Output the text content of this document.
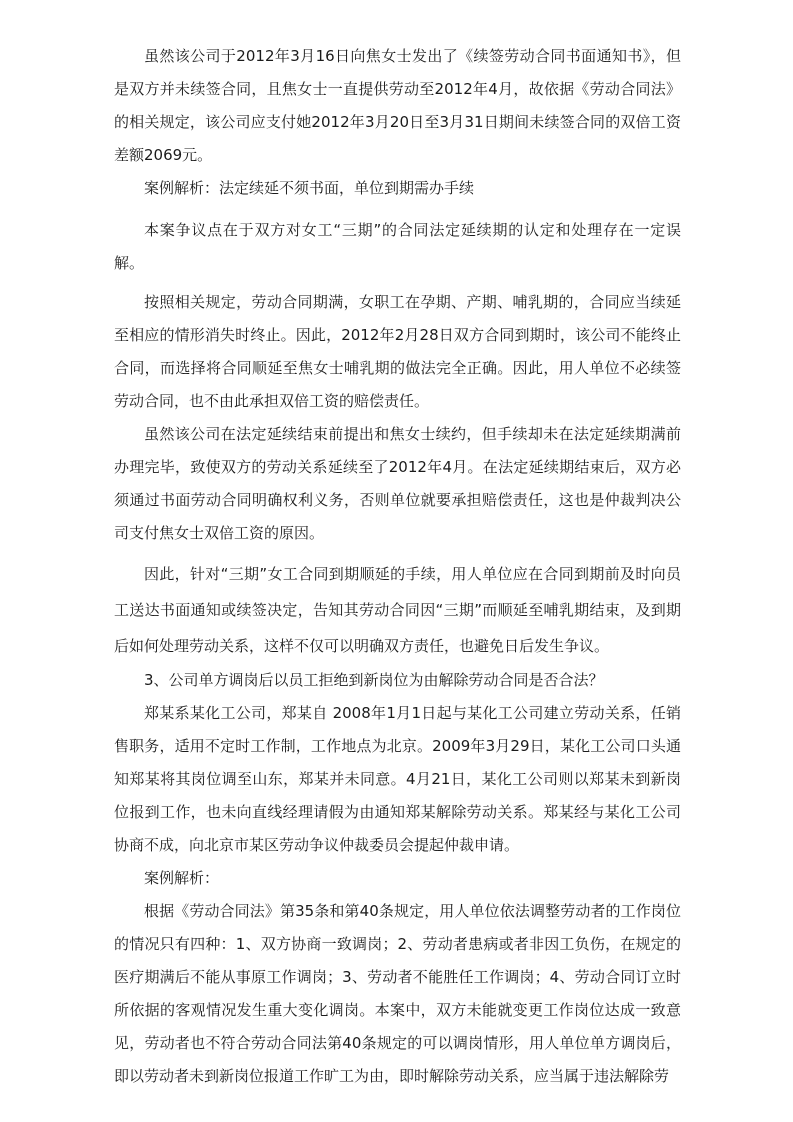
虽然该公司于2012年3月16日向焦女士发出了《续签劳动合同书面通知书》，但是双方并未续签合同，且焦女士一直提供劳动至2012年4月，故依据《劳动合同法》的相关规定，该公司应支付她2012年3月20日至3月31日期间未续签合同的双倍工资差额2069元。

案例解析：法定续延不须书面，单位到期需办手续

本案争议点在于双方对女工“三期”的合同法定延续期的认定和处理存在一定误解。

按照相关规定，劳动合同期满，女职工在孕期、产期、哺乳期的，合同应当续延至相应的情形消失时终止。因此，2012年2月28日双方合同到期时，该公司不能终止合同，而选择将合同顺延至焦女士哺乳期的做法完全正确。因此，用人单位不必续签劳动合同，也不由此承担双倍工资的赔偿责任。

虽然该公司在法定延续结束前提出和焦女士续约，但手续却未在法定延续期满前办理完毕，致使双方的劳动关系延续至了2012年4月。在法定延续期结束后，双方必须通过书面劳动合同明确权利义务，否则单位就要承担赔偿责任，这也是仲裁判决公司支付焦女士双倍工资的原因。

因此，针对“三期”女工合同到期顺延的手续，用人单位应在合同到期前及时向员工送达书面通知或续签决定，告知其劳动合同因“三期”而顺延至哺乳期结束，及到期后如何处理劳动关系，这样不仅可以明确双方责任，也避免日后发生争议。

3、公司单方调岗后以员工拒绝到新岗位为由解除劳动合同是否合法？

郑某系某化工公司，郑某自 2008年1月1日起与某化工公司建立劳动关系，任销售职务，适用不定时工作制，工作地点为北京。2009年3月29日，某化工公司口头通知郑某将其岗位调至山东，郑某并未同意。4月21日，某化工公司则以郑某未到新岗位报到工作，也未向直线经理请假为由通知郑某解除劳动关系。郑某经与某化工公司协商不成，向北京市某区劳动争议仲裁委员会提起仲裁申请。

案例解析：

根据《劳动合同法》第35条和第40条规定，用人单位依法调整劳动者的工作岗位的情况只有四种：1、双方协商一致调岗；2、劳动者患病或者非因工负伤，在规定的医疗期满后不能从事原工作调岗；3、劳动者不能胜任工作调岗；4、劳动合同订立时所依据的客观情况发生重大变化调岗。本案中，双方未能就变更工作岗位达成一致意见，劳动者也不符合劳动合同法第40条规定的可以调岗情形，用人单位单方调岗后，即以劳动者未到新岗位报道工作旷工为由，即时解除劳动关系，应当属于违法解除劳
